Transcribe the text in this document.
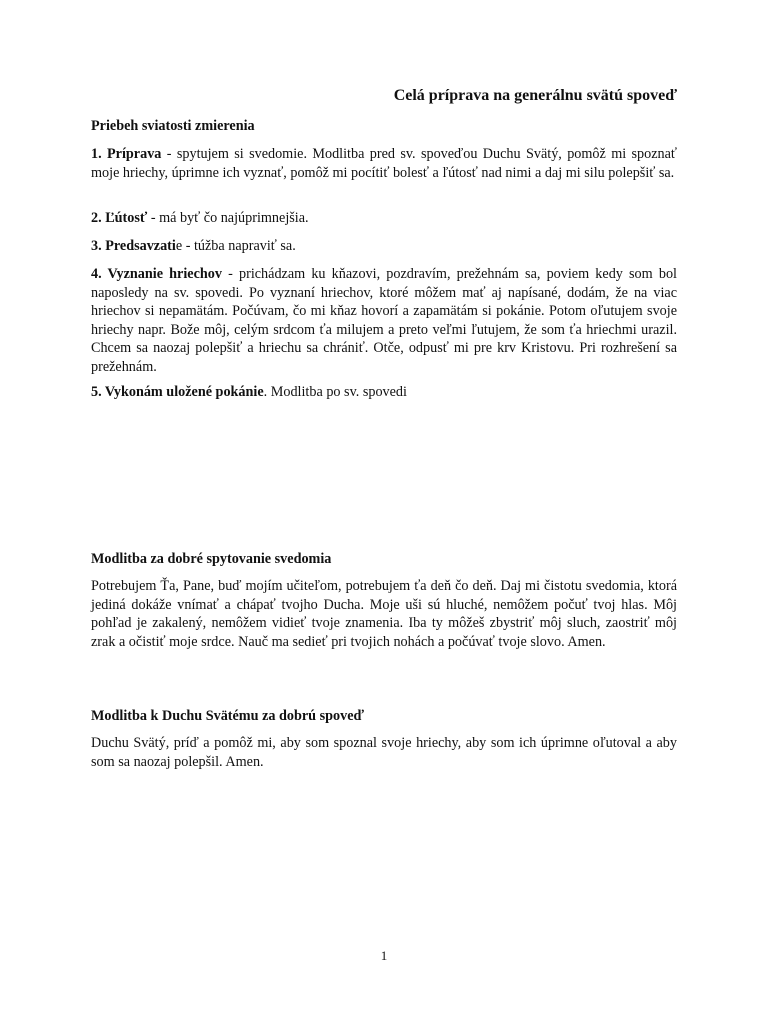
Celá príprava na generálnu svätú spoveď
Priebeh sviatosti zmierenia

1. Príprava - spytujem si svedomie. Modlitba pred sv. spoveďou Duchu Svätý, pomôž mi spoznať moje hriechy, úprimne ich vyznať, pomôž mi pocítiť bolesť a ľútosť nad nimi a daj mi silu polepšiť sa.

2. Ľútosť - má byť čo najúprimnejšia.

3. Predsavzatie - túžba napraviť sa.

4. Vyznanie hriechov - prichádzam ku kňazovi, pozdravím, prežehnám sa, poviem kedy som bol naposledy na sv. spovedi. Po vyznaní hriechov, ktoré môžem mať aj napísané, dodám, že na viac hriechov si nepamätám. Počúvam, čo mi kňaz hovorí a zapamätám si pokánie. Potom oľutujem svoje hriechy napr. Bože môj, celým srdcom ťa milujem a preto veľmi ľutujem, že som ťa hriechmi urazil. Chcem sa naozaj polepšiť a hriechu sa chrániť. Otče, odpusť mi pre krv Kristovu. Pri rozhrešení sa prežehnám.

5. Vykonám uložené pokánie. Modlitba po sv. spovedi

Modlitba za dobré spytovanie svedomia

Potrebujem Ťa, Pane, buď mojím učiteľom, potrebujem ťa deň čo deň. Daj mi čistotu svedomia, ktorá jediná dokáže vnímať a chápať tvojho Ducha. Moje uši sú hluché, nemôžem počuť tvoj hlas. Môj pohľad je zakalený, nemôžem vidieť tvoje znamenia. Iba ty môžeš zbystriť môj sluch, zaostriť môj zrak a očistiť moje srdce. Nauč ma sedieť pri tvojich nohách a počúvať tvoje slovo. Amen.

Modlitba k Duchu Svätému za dobrú spoveď

Duchu Svätý, príď a pomôž mi, aby som spoznal svoje hriechy, aby som ich úprimne oľutoval a aby som sa naozaj polepšil. Amen.

1
